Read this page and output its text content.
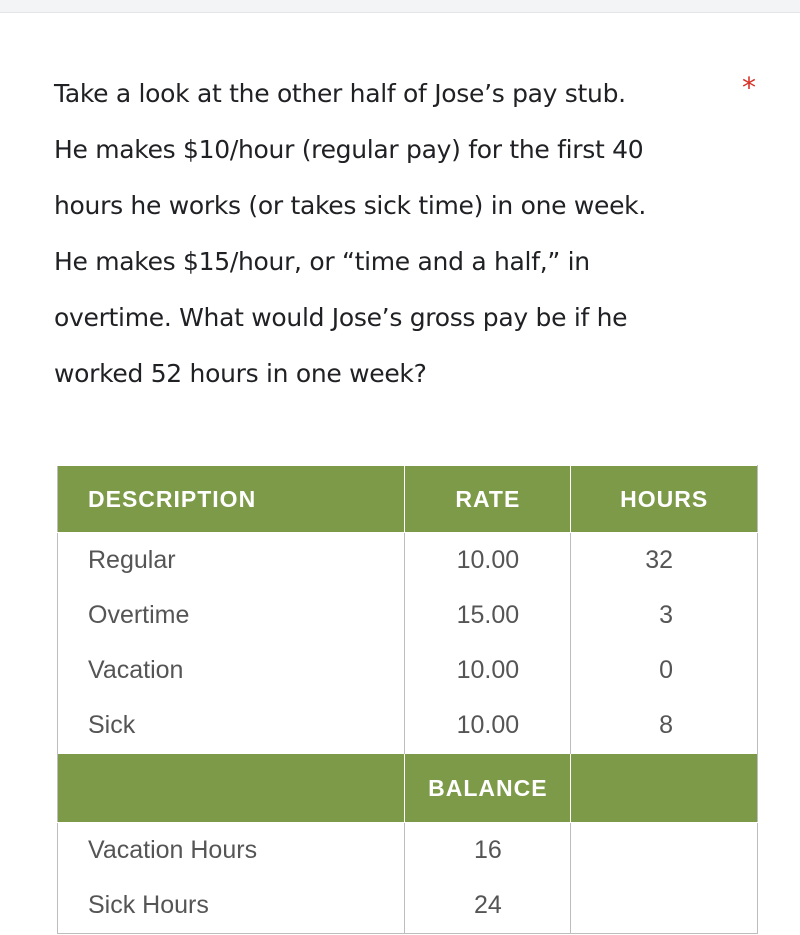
Take a look at the other half of Jose’s pay stub.
He makes $10/hour (regular pay) for the first 40
hours he works (or takes sick time) in one week.
He makes $15/hour, or “time and a half,” in
overtime. What would Jose’s gross pay be if he
worked 52 hours in one week?
*
DESCRIPTION	RATE	HOURS
Regular	10.00	32
Overtime	15.00	3
Vacation	10.00	0
Sick	10.00	8
	BALANCE	
Vacation Hours	16	
Sick Hours	24	
